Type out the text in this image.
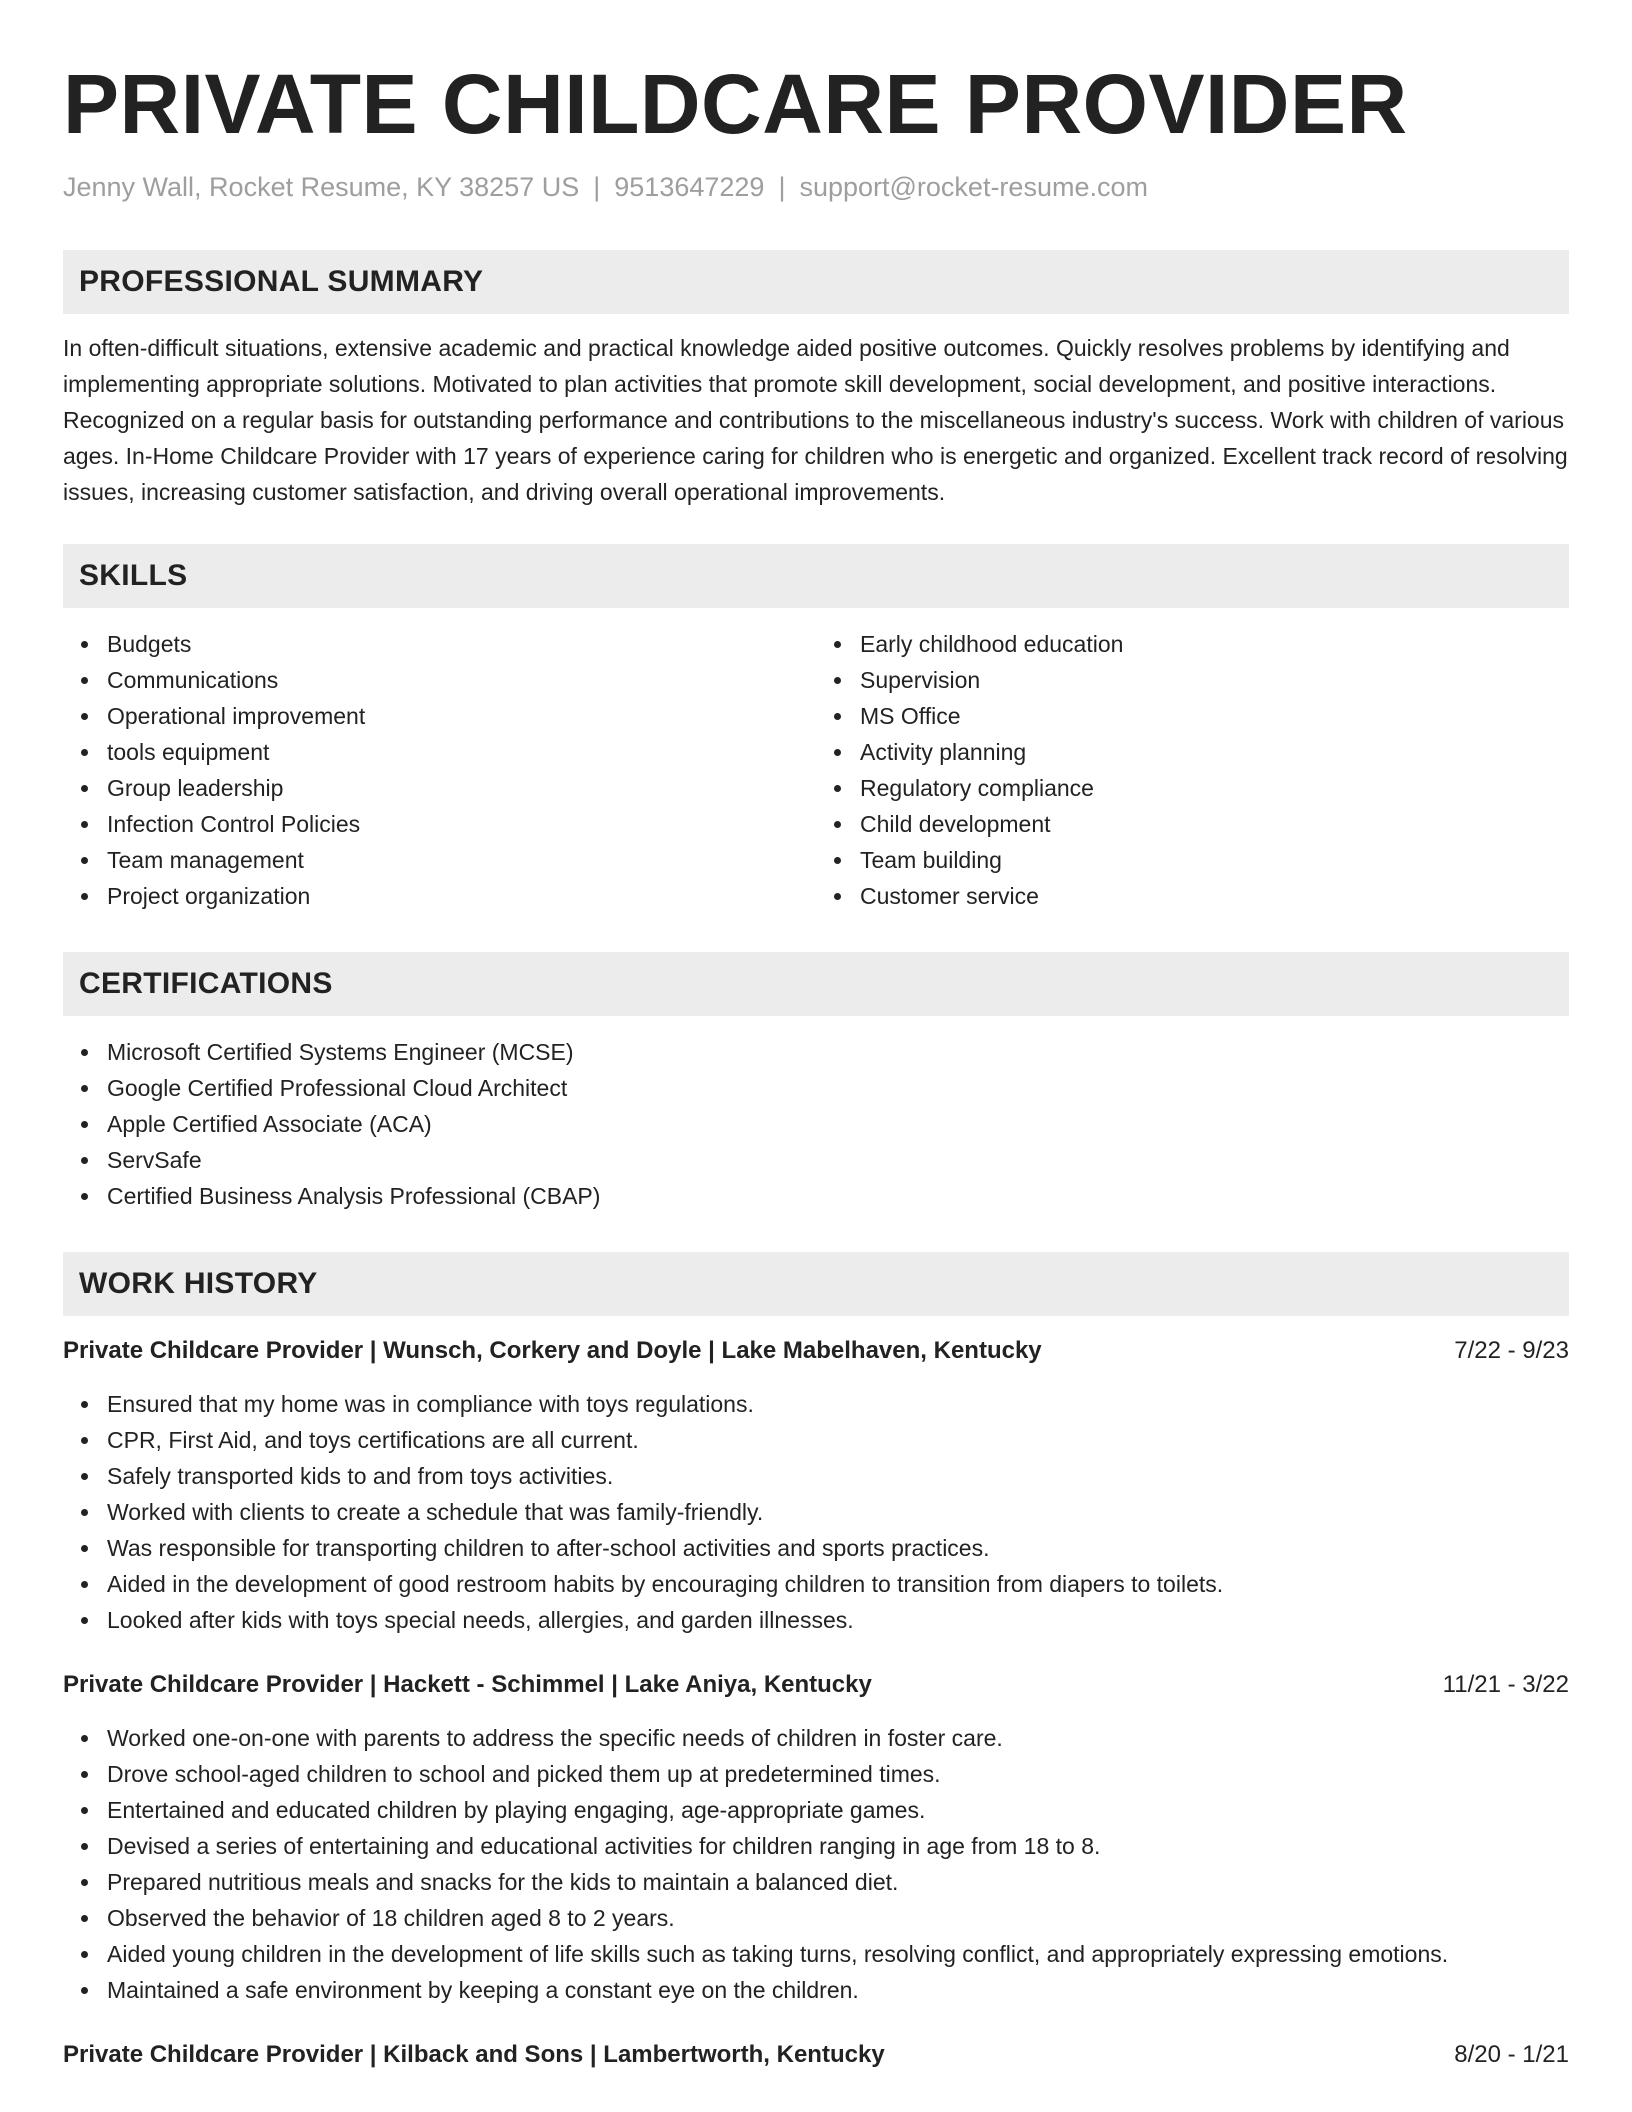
PRIVATE CHILDCARE PROVIDER
Jenny Wall, Rocket Resume, KY 38257 US | 9513647229 | support@rocket-resume.com
PROFESSIONAL SUMMARY

In often-difficult situations, extensive academic and practical knowledge aided positive outcomes. Quickly resolves problems by identifying and implementing appropriate solutions. Motivated to plan activities that promote skill development, social development, and positive interactions. Recognized on a regular basis for outstanding performance and contributions to the miscellaneous industry's success. Work with children of various ages. In-Home Childcare Provider with 17 years of experience caring for children who is energetic and organized. Excellent track record of resolving issues, increasing customer satisfaction, and driving overall operational improvements.

SKILLS
Budgets
Communications
Operational improvement
tools equipment
Group leadership
Infection Control Policies
Team management
Project organization
Early childhood education
Supervision
MS Office
Activity planning
Regulatory compliance
Child development
Team building
Customer service
CERTIFICATIONS
Microsoft Certified Systems Engineer (MCSE)
Google Certified Professional Cloud Architect
Apple Certified Associate (ACA)
ServSafe
Certified Business Analysis Professional (CBAP)
WORK HISTORY
Private Childcare Provider | Wunsch, Corkery and Doyle | Lake Mabelhaven, Kentucky	7/22 - 9/23
Ensured that my home was in compliance with toys regulations.
CPR, First Aid, and toys certifications are all current.
Safely transported kids to and from toys activities.
Worked with clients to create a schedule that was family-friendly.
Was responsible for transporting children to after-school activities and sports practices.
Aided in the development of good restroom habits by encouraging children to transition from diapers to toilets.
Looked after kids with toys special needs, allergies, and garden illnesses.
Private Childcare Provider | Hackett - Schimmel | Lake Aniya, Kentucky	11/21 - 3/22
Worked one-on-one with parents to address the specific needs of children in foster care.
Drove school-aged children to school and picked them up at predetermined times.
Entertained and educated children by playing engaging, age-appropriate games.
Devised a series of entertaining and educational activities for children ranging in age from 18 to 8.
Prepared nutritious meals and snacks for the kids to maintain a balanced diet.
Observed the behavior of 18 children aged 8 to 2 years.
Aided young children in the development of life skills such as taking turns, resolving conflict, and appropriately expressing emotions.
Maintained a safe environment by keeping a constant eye on the children.
Private Childcare Provider | Kilback and Sons | Lambertworth, Kentucky	8/20 - 1/21
